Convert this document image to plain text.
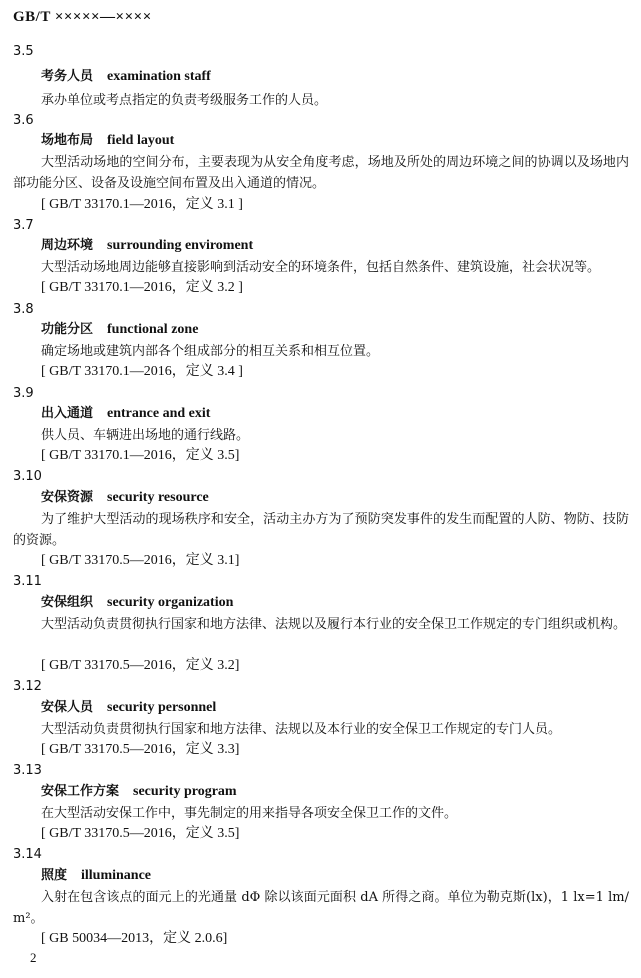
GB/T ×××××—××××
3.5
考务人员 examination staff
承办单位或考点指定的负责考级服务工作的人员。
3.6
场地布局 field layout
大型活动场地的空间分布，主要表现为从安全角度考虑，场地及所处的周边环境之间的协调以及场地内部功能分区、设备及设施空间布置及出入通道的情况。
[ GB/T 33170.1—2016，定义 3.1 ]
3.7
周边环境 surrounding enviroment
大型活动场地周边能够直接影响到活动安全的环境条件，包括自然条件、建筑设施，社会状况等。
[ GB/T 33170.1—2016，定义 3.2 ]
3.8
功能分区 functional zone
确定场地或建筑内部各个组成部分的相互关系和相互位置。
[ GB/T 33170.1—2016，定义 3.4 ]
3.9
出入通道 entrance and exit
供人员、车辆进出场地的通行线路。
[ GB/T 33170.1—2016，定义 3.5]
3.10
安保资源 security resource
为了维护大型活动的现场秩序和安全，活动主办方为了预防突发事件的发生而配置的人防、物防、技防的资源。
[ GB/T 33170.5—2016，定义 3.1]
3.11
安保组织 security organization
大型活动负责贯彻执行国家和地方法律、法规以及履行本行业的安全保卫工作规定的专门组织或机构。
[ GB/T 33170.5—2016，定义 3.2]
3.12
安保人员 security personnel
大型活动负责贯彻执行国家和地方法律、法规以及本行业的安全保卫工作规定的专门人员。
[ GB/T 33170.5—2016，定义 3.3]
3.13
安保工作方案 security program
在大型活动安保工作中，事先制定的用来指导各项安全保卫工作的文件。
[ GB/T 33170.5—2016，定义 3.5]
3.14
照度 illuminance
入射在包含该点的面元上的光通量 dΦ 除以该面元面积 dA 所得之商。单位为勒克斯(lx)，1 lx=1 lm/m²。
[ GB 50034—2013，定义 2.0.6]
2
